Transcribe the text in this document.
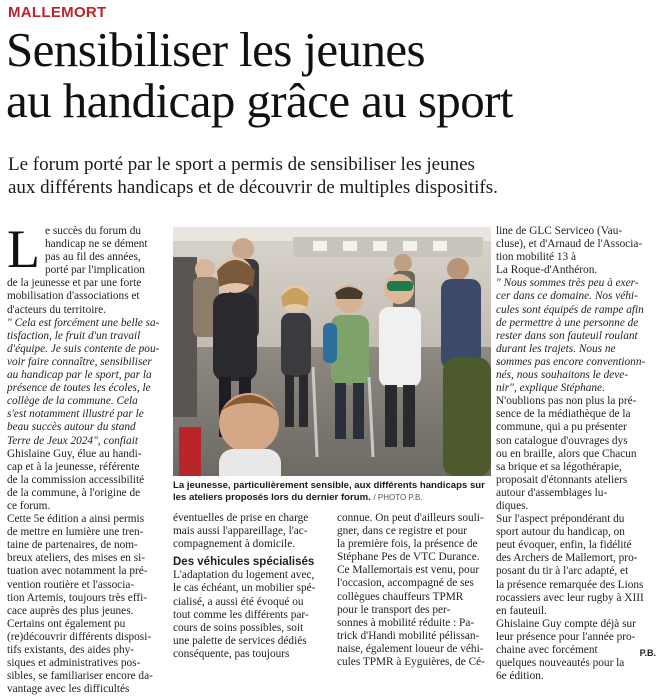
MALLEMORT
Sensibiliser les jeunes
au handicap grâce au sport

Le forum porté par le sport a permis de sensibiliser les jeunes
aux différents handicaps et de découvrir de multiples dispositifs.

L e succès du forum du
handicap ne se dément
pas au fil des années,
porté par l'implication
de la jeunesse et par une forte
mobilisation d'associations et
d'acteurs du territoire.
" Cela est forcément une belle sa-
tisfaction, le fruit d'un travail
d'équipe. Je suis contente de pou-
voir faire connaître, sensibiliser
au handicap par le sport, par la
présence de toutes les écoles, le
collège de la commune. Cela
s'est notamment illustré par le
beau succès autour du stand
Terre de Jeux 2024", confiait
Ghislaine Guy, élue au handi-
cap et à la jeunesse, référente
de la commission accessibilité
de la commune, à l'origine de
ce forum.
Cette 5e édition a ainsi permis
de mettre en lumière une tren-
taine de partenaires, de nom-
breux ateliers, des mises en si-
tuation avec notamment la pré-
vention routière et l'associa-
tion Artemis, toujours très effi-
cace auprès des plus jeunes.
Certains ont également pu
(re)découvrir différents disposi-
tifs existants, des aides phy-
siques et administratives pos-
sibles, se familiariser encore da-
vantage avec les difficultés
La jeunesse, particulièrement sensible, aux différents handicaps sur
les ateliers proposés lors du dernier forum. / PHOTO P.B.
éventuelles de prise en charge
mais aussi l'appareillage, l'ac-
compagnement à domicile.
Des véhicules spécialisés
L'adaptation du logement avec,
le cas échéant, un mobilier spé-
cialisé, a aussi été évoqué ou
tout comme les différents par-
cours de soins possibles, soit
une palette de services dédiés
conséquente, pas toujours
connue. On peut d'ailleurs souli-
gner, dans ce registre et pour
la première fois, la présence de
Stéphane Pes de VTC Durance.
Ce Mallemortais est venu, pour
l'occasion, accompagné de ses
collègues chauffeurs TPMR
pour le transport des per-
sonnes à mobilité réduite : Pa-
trick d'Handi mobilité pélissan-
naise, également loueur de véhi-
cules TPMR à Eyguières, de Cé-
line de GLC Serviceo (Vau-
cluse), et d'Arnaud de l'Associa-
tion mobilité 13 à
La Roque-d'Anthéron.
" Nous sommes très peu à exer-
cer dans ce domaine. Nos véhi-
cules sont équipés de rampe afin
de permettre à une personne de
rester dans son fauteuil roulant
durant les trajets. Nous ne
sommes pas encore conventionn-
nés, nous souhaitons le deve-
nir", explique Stéphane.
N'oublions pas non plus la pré-
sence de la médiathèque de la
commune, qui a pu présenter
son catalogue d'ouvrages dys
ou en braille, alors que Chacun
sa brique et sa légothérapie,
proposait d'étonnants ateliers
autour d'assemblages lu-
diques.
Sur l'aspect prépondérant du
sport autour du handicap, on
peut évoquer, enfin, la fidélité
des Archers de Mallemort, pro-
posant du tir à l'arc adapté, et
la présence remarquée des Lions
rocassiers avec leur rugby à XIII
en fauteuil.
Ghislaine Guy compte déjà sur
leur présence pour l'année pro-
chaine avec forcément
quelques nouveautés pour la
6e édition.
P.B.
